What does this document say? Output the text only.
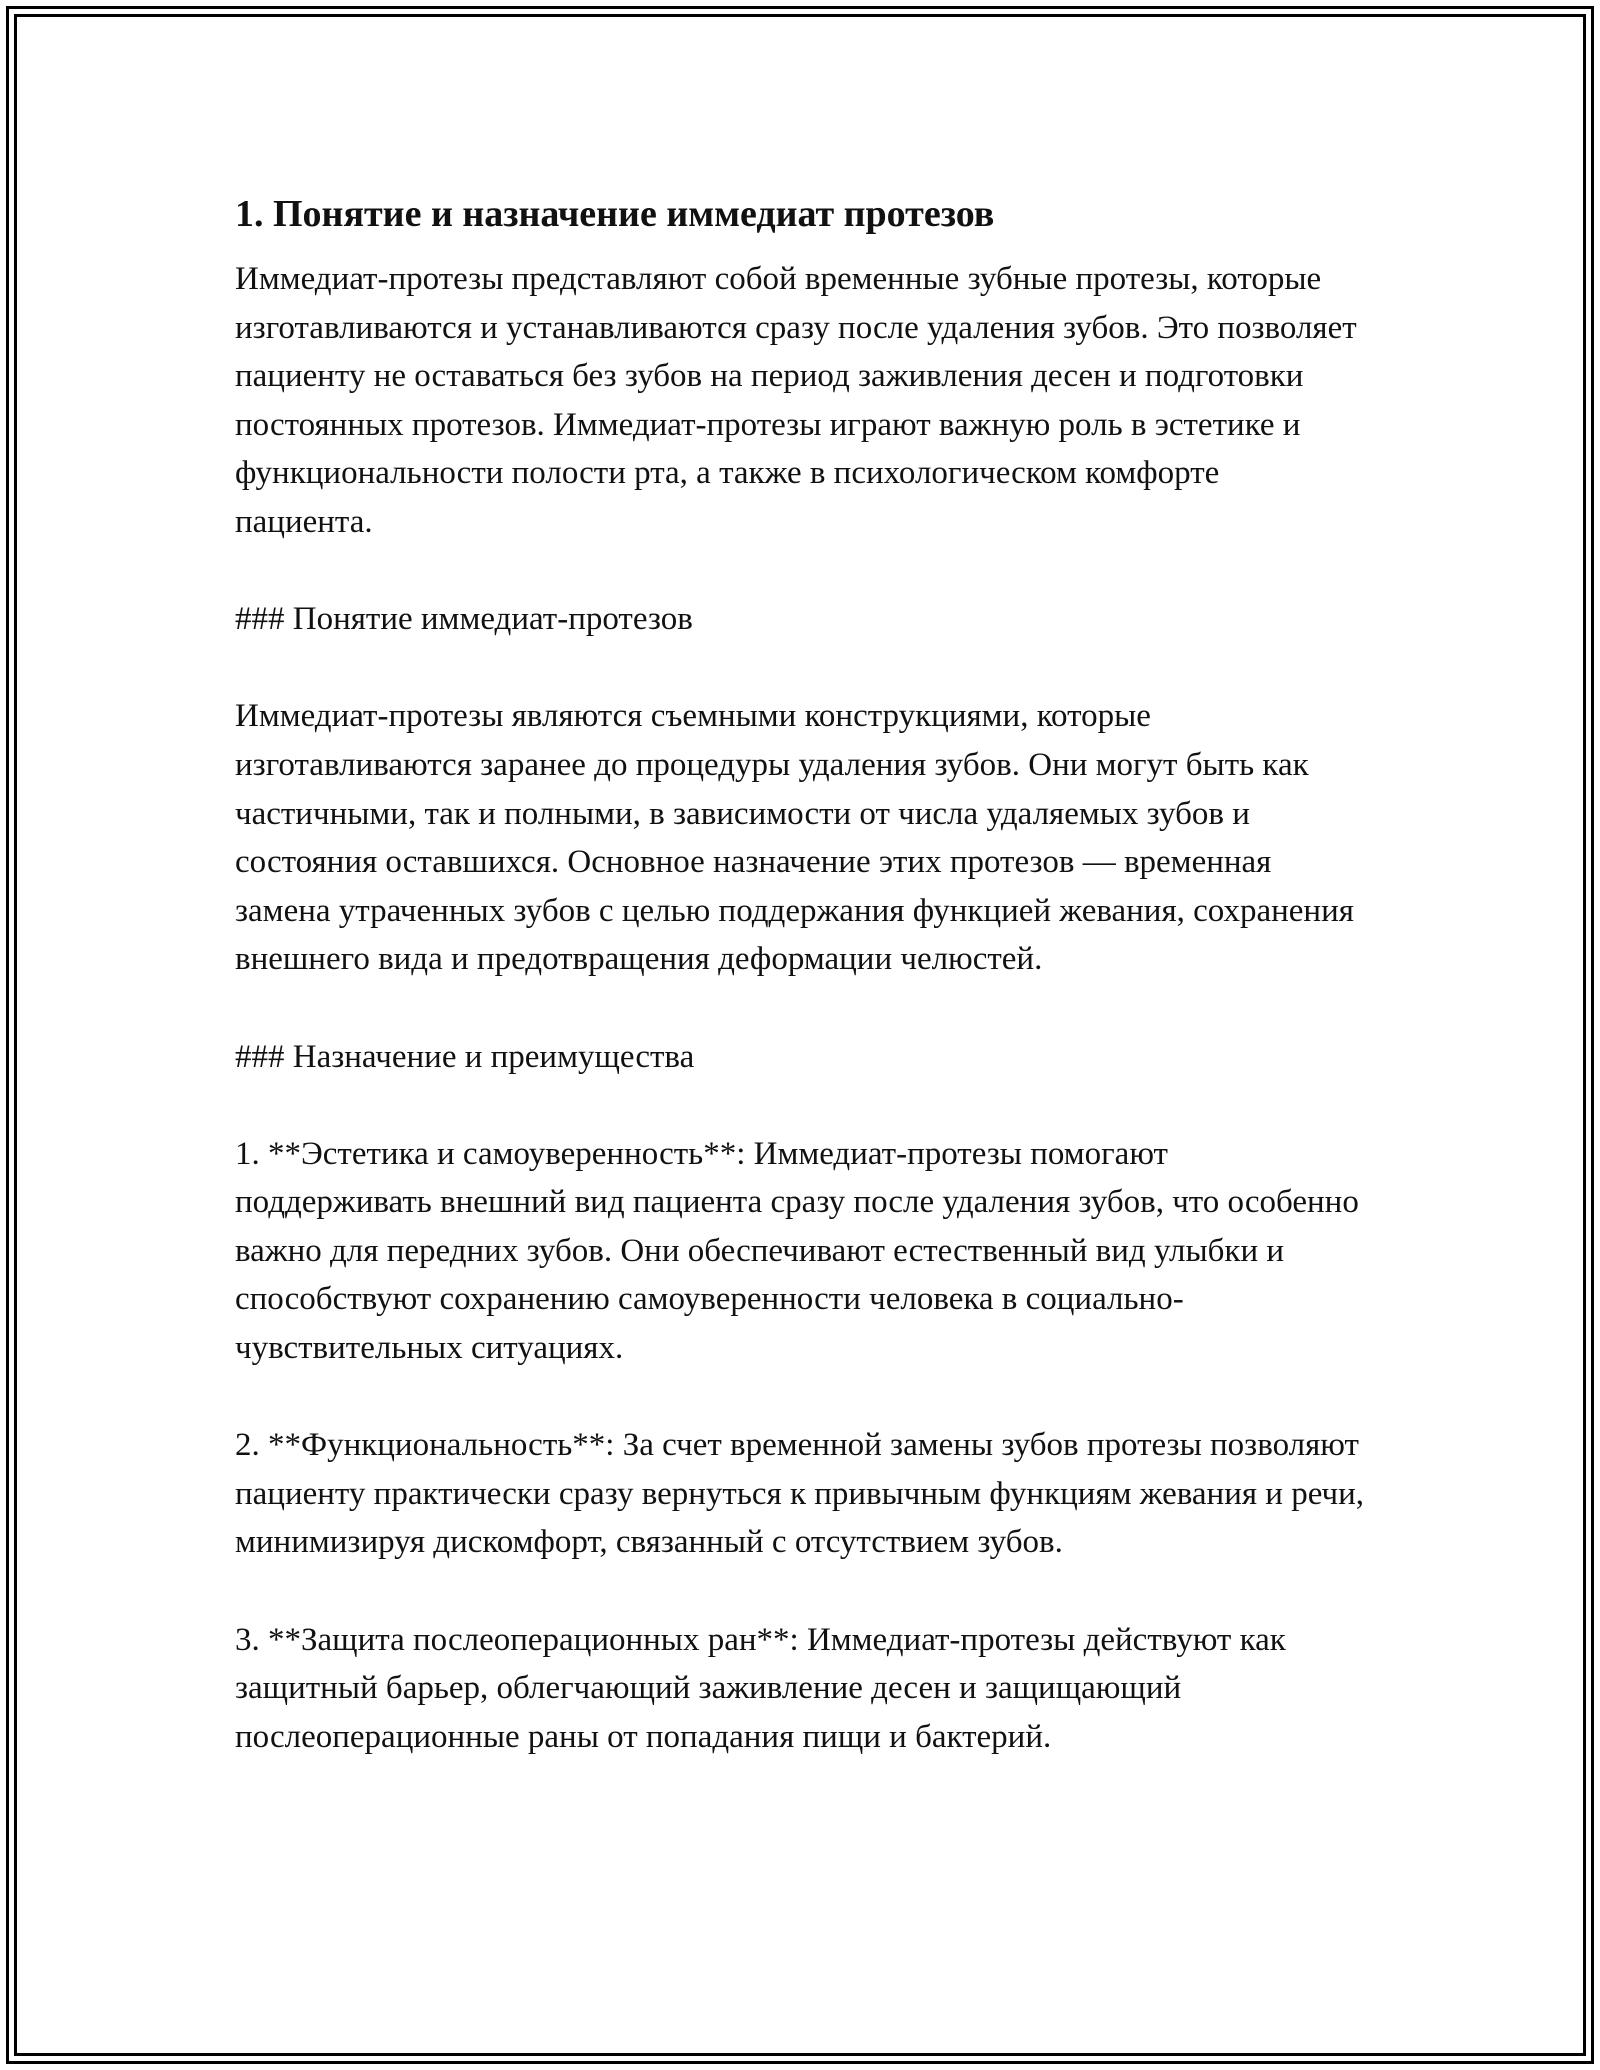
1. Понятие и назначение иммедиат протезов

Иммедиат-протезы представляют собой временные зубные протезы, которые изготавливаются и устанавливаются сразу после удаления зубов. Это позволяет пациенту не оставаться без зубов на период заживления десен и подготовки постоянных протезов. Иммедиат-протезы играют важную роль в эстетике и функциональности полости рта, а также в психологическом комфорте пациента.

### Понятие иммедиат-протезов

Иммедиат-протезы являются съемными конструкциями, которые изготавливаются заранее до процедуры удаления зубов. Они могут быть как частичными, так и полными, в зависимости от числа удаляемых зубов и состояния оставшихся. Основное назначение этих протезов — временная замена утраченных зубов с целью поддержания функцией жевания, сохранения внешнего вида и предотвращения деформации челюстей.

### Назначение и преимущества

1. **Эстетика и самоуверенность**: Иммедиат-протезы помогают поддерживать внешний вид пациента сразу после удаления зубов, что особенно важно для передних зубов. Они обеспечивают естественный вид улыбки и способствуют сохранению самоуверенности человека в социально-чувствительных ситуациях.

2. **Функциональность**: За счет временной замены зубов протезы позволяют пациенту практически сразу вернуться к привычным функциям жевания и речи, минимизируя дискомфорт, связанный с отсутствием зубов.

3. **Защита послеоперационных ран**: Иммедиат-протезы действуют как защитный барьер, облегчающий заживление десен и защищающий послеоперационные раны от попадания пищи и бактерий.
